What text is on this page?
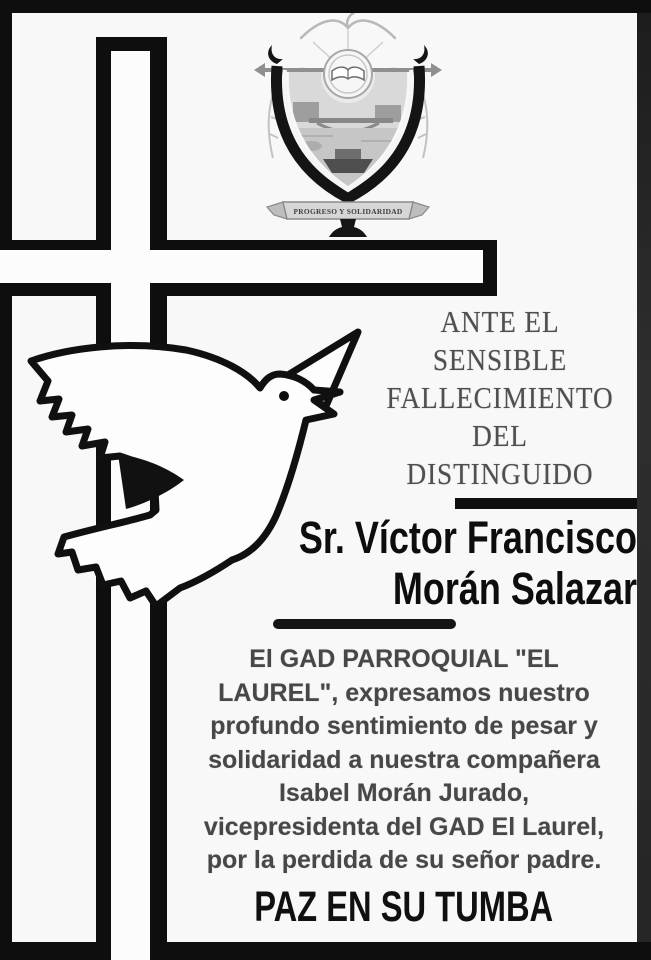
PROGRESO Y SOLIDARIDAD
ANTE EL
SENSIBLE
FALLECIMIENTO
DEL
DISTINGUIDO
Sr. Víctor Francisco
Morán Salazar
El GAD PARROQUIAL "EL
LAUREL", expresamos nuestro
profundo sentimiento de pesar y
solidaridad a nuestra compañera
Isabel Morán Jurado,
vicepresidenta del GAD El Laurel,
por la perdida de su señor padre.
PAZ EN SU TUMBA
